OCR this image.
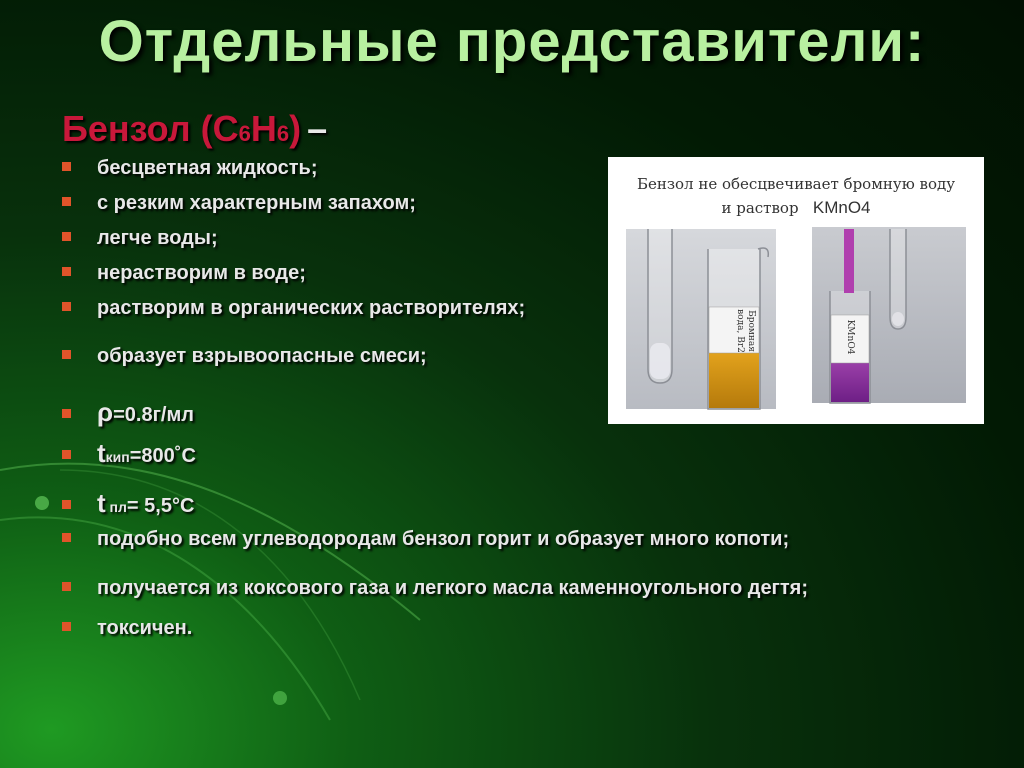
Отдельные представители:
Бензол (C6H6) –
бесцветная жидкость;
с резким характерным запахом;
легче воды;
нерастворим в воде;
растворим в органических растворителях;
образует взрывоопасные смеси;
ρ=0.8г/мл
tкип=800˚C
t пл= 5,5°C
подобно всем углеводородам бензол горит и образует много копоти;
получается из коксового газа и легкого масла каменноугольного дегтя;
токсичен.
Бензол не обесцвечивает бромную воду
и раствор KMnO4
Бромная вода, Br2	KMnO4
